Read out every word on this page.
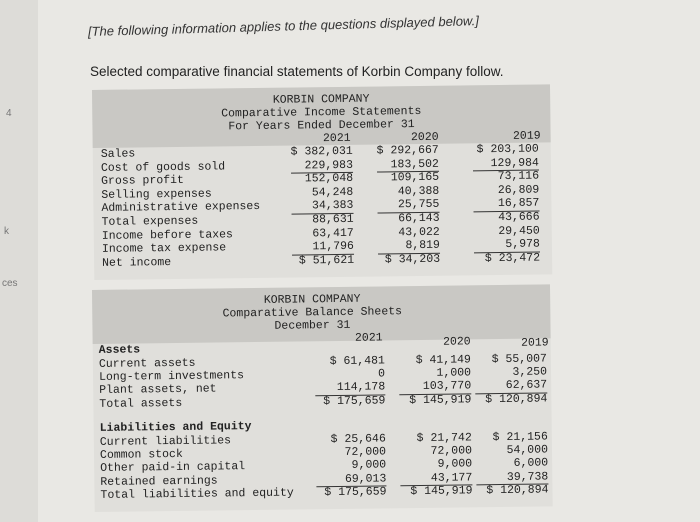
4
k
ces
[The following information applies to the questions displayed below.]
Selected comparative financial statements of Korbin Company follow.
KORBIN COMPANY
Comparative Income Statements
For Years Ended December 31
2021	2020	2019
Sales	$ 382,031	$ 292,667	$ 203,100
Cost of goods sold	229,983	183,502	129,984
Gross profit	152,048	109,165	73,116
Selling expenses	54,248	40,388	26,809
Administrative expenses	34,383	25,755	16,857
Total expenses	88,631	66,143	43,666
Income before taxes	63,417	43,022	29,450
Income tax expense	11,796	8,819	5,978
Net income	$ 51,621	$ 34,203	$ 23,472
KORBIN COMPANY
Comparative Balance Sheets
December 31
2021	2020	2019
Assets
Current assets	$ 61,481	$ 41,149	$ 55,007
Long-term investments	0	1,000	3,250
Plant assets, net	114,178	103,770	62,637
Total assets	$ 175,659	$ 145,919	$ 120,894
Liabilities and Equity
Current liabilities	$ 25,646	$ 21,742	$ 21,156
Common stock	72,000	72,000	54,000
Other paid-in capital	9,000	9,000	6,000
Retained earnings	69,013	43,177	39,738
Total liabilities and equity	$ 175,659	$ 145,919	$ 120,894
